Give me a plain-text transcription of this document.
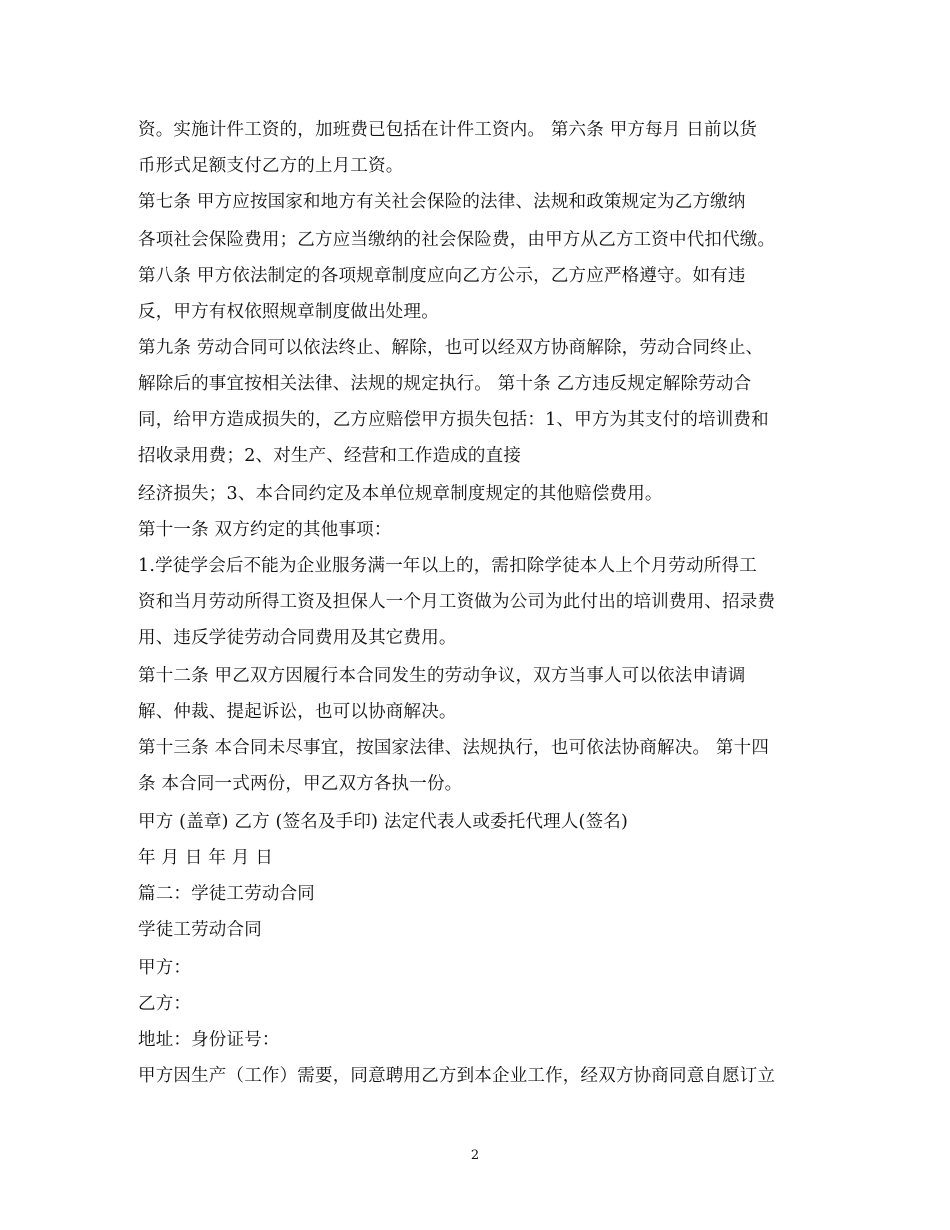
资。实施计件工资的，加班费已包括在计件工资内。 第六条 甲方每月 日前以货
币形式足额支付乙方的上月工资。
第七条 甲方应按国家和地方有关社会保险的法律、法规和政策规定为乙方缴纳
各项社会保险费用；乙方应当缴纳的社会保险费，由甲方从乙方工资中代扣代缴。
第八条 甲方依法制定的各项规章制度应向乙方公示，乙方应严格遵守。如有违
反，甲方有权依照规章制度做出处理。
第九条 劳动合同可以依法终止、解除，也可以经双方协商解除，劳动合同终止、
解除后的事宜按相关法律、法规的规定执行。 第十条 乙方违反规定解除劳动合
同，给甲方造成损失的，乙方应赔偿甲方损失包括：1、甲方为其支付的培训费和
招收录用费；2、对生产、经营和工作造成的直接
经济损失；3、本合同约定及本单位规章制度规定的其他赔偿费用。
第十一条 双方约定的其他事项：
1.学徒学会后不能为企业服务满一年以上的，需扣除学徒本人上个月劳动所得工
资和当月劳动所得工资及担保人一个月工资做为公司为此付出的培训费用、招录费
用、违反学徒劳动合同费用及其它费用。
第十二条 甲乙双方因履行本合同发生的劳动争议，双方当事人可以依法申请调
解、仲裁、提起诉讼，也可以协商解决。
第十三条 本合同未尽事宜，按国家法律、法规执行，也可依法协商解决。 第十四
条 本合同一式两份，甲乙双方各执一份。
甲方 (盖章) 乙方 (签名及手印) 法定代表人或委托代理人(签名)
年 月 日 年 月 日
篇二：学徒工劳动合同
学徒工劳动合同
甲方：
乙方：
地址：身份证号：
甲方因生产（工作）需要，同意聘用乙方到本企业工作，经双方协商同意自愿订立
2
